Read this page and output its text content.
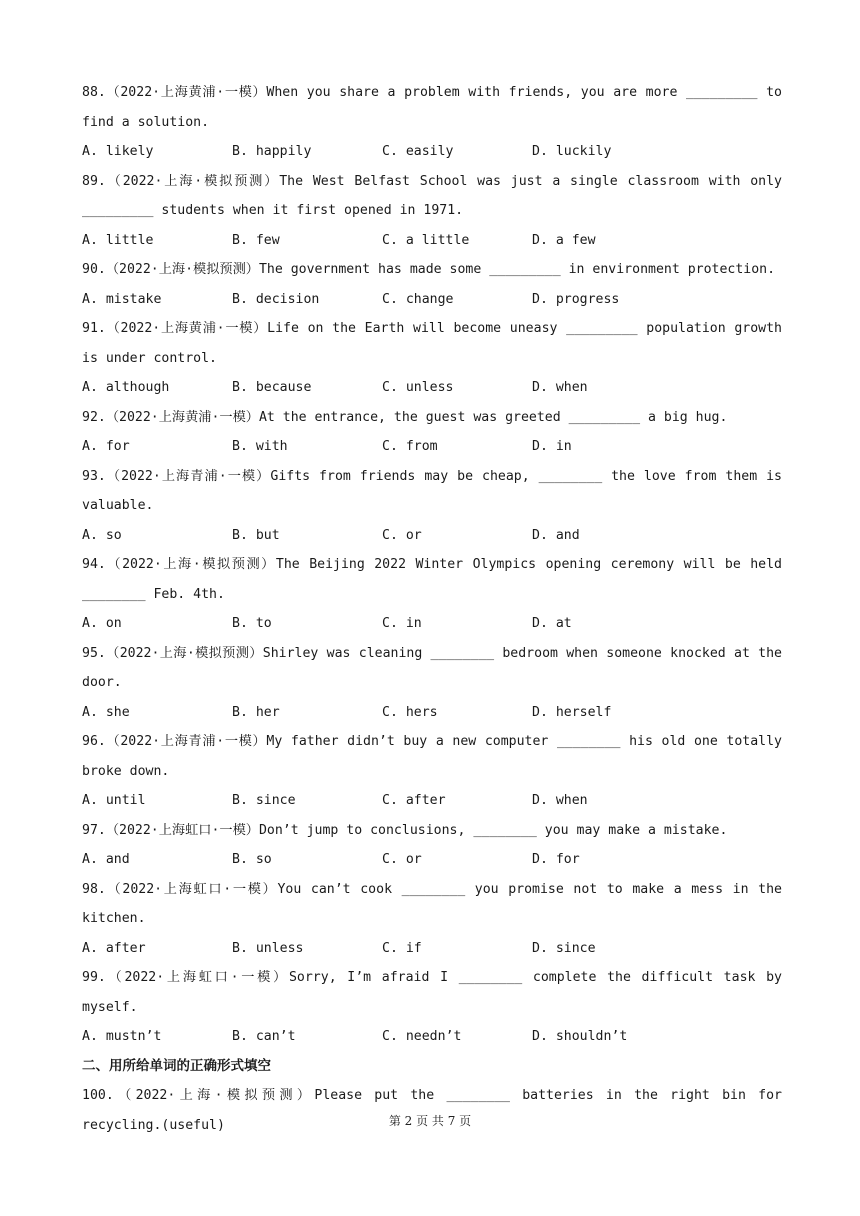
88.（2022·上海黄浦·一模）When you share a problem with friends, you are more _________ to find a solution.

A. likely	B. happily	C. easily	D. luckily

89.（2022·上海·模拟预测）The West Belfast School was just a single classroom with only _________ students when it first opened in 1971.

A. little	B. few	C. a little	D. a few

90.（2022·上海·模拟预测）The government has made some _________ in environment protection.

A. mistake	B. decision	C. change	D. progress

91.（2022·上海黄浦·一模）Life on the Earth will become uneasy _________ population growth is under control.

A. although	B. because	C. unless	D. when

92.（2022·上海黄浦·一模）At the entrance, the guest was greeted _________ a big hug.

A. for	B. with	C. from	D. in

93.（2022·上海青浦·一模）Gifts from friends may be cheap, ________ the love from them is valuable.

A. so	B. but	C. or	D. and

94.（2022·上海·模拟预测）The Beijing 2022 Winter Olympics opening ceremony will be held ________ Feb. 4th.

A. on	B. to	C. in	D. at

95.（2022·上海·模拟预测）Shirley was cleaning ________ bedroom when someone knocked at the door.

A. she	B. her	C. hers	D. herself

96.（2022·上海青浦·一模）My father didn’t buy a new computer ________ his old one totally broke down.

A. until	B. since	C. after	D. when

97.（2022·上海虹口·一模）Don’t jump to conclusions, ________ you may make a mistake.

A. and	B. so	C. or	D. for

98.（2022·上海虹口·一模）You can’t cook ________ you promise not to make a mess in the kitchen.

A. after	B. unless	C. if	D. since

99.（2022·上海虹口·一模）Sorry, I’m afraid I ________ complete the difficult task by myself.

A. mustn’t	B. can’t	C. needn’t	D. shouldn’t

二、用所给单词的正确形式填空

100.（2022·上海·模拟预测）Please put the ________ batteries in the right bin for recycling.(useful)	第 2 页 共 7 页
